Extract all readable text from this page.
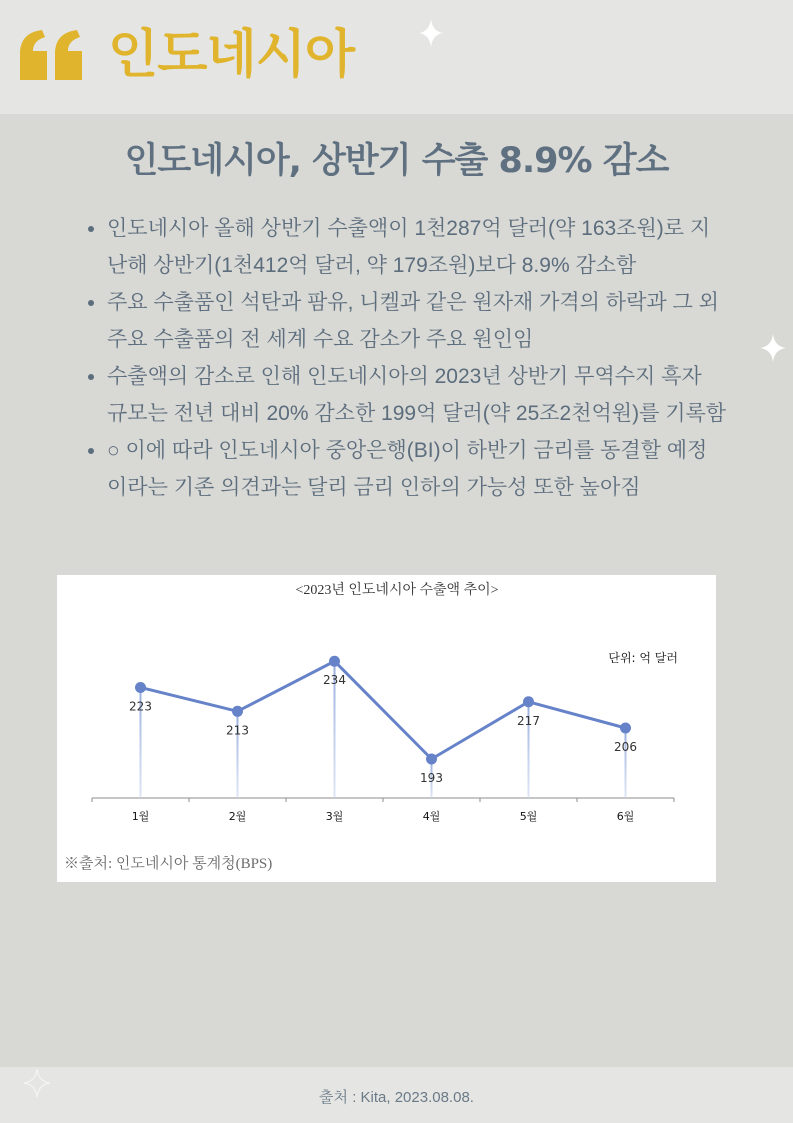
인도네시아
인도네시아, 상반기 수출 8.9% 감소
• 인도네시아 올해 상반기 수출액이 1천287억 달러(약 163조원)로 지난해 상반기(1천412억 달러, 약 179조원)보다 8.9% 감소함
• 주요 수출품인 석탄과 팜유, 니켈과 같은 원자재 가격의 하락과 그 외 주요 수출품의 전 세계 수요 감소가 주요 원인임
• 수출액의 감소로 인해 인도네시아의 2023년 상반기 무역수지 흑자 규모는 전년 대비 20% 감소한 199억 달러(약 25조2천억원)를 기록함
• ○ 이에 따라 인도네시아 중앙은행(BI)이 하반기 금리를 동결할 예정이라는 기존 의견과는 달리 금리 인하의 가능성 또한 높아짐
<2023년 인도네시아 수출액 추이>
단위: 억 달러
223
1월
213
2월
234
3월
193
4월
217
5월
206
6월
※출처: 인도네시아 통계청(BPS)
출처 : Kita, 2023.08.08.
